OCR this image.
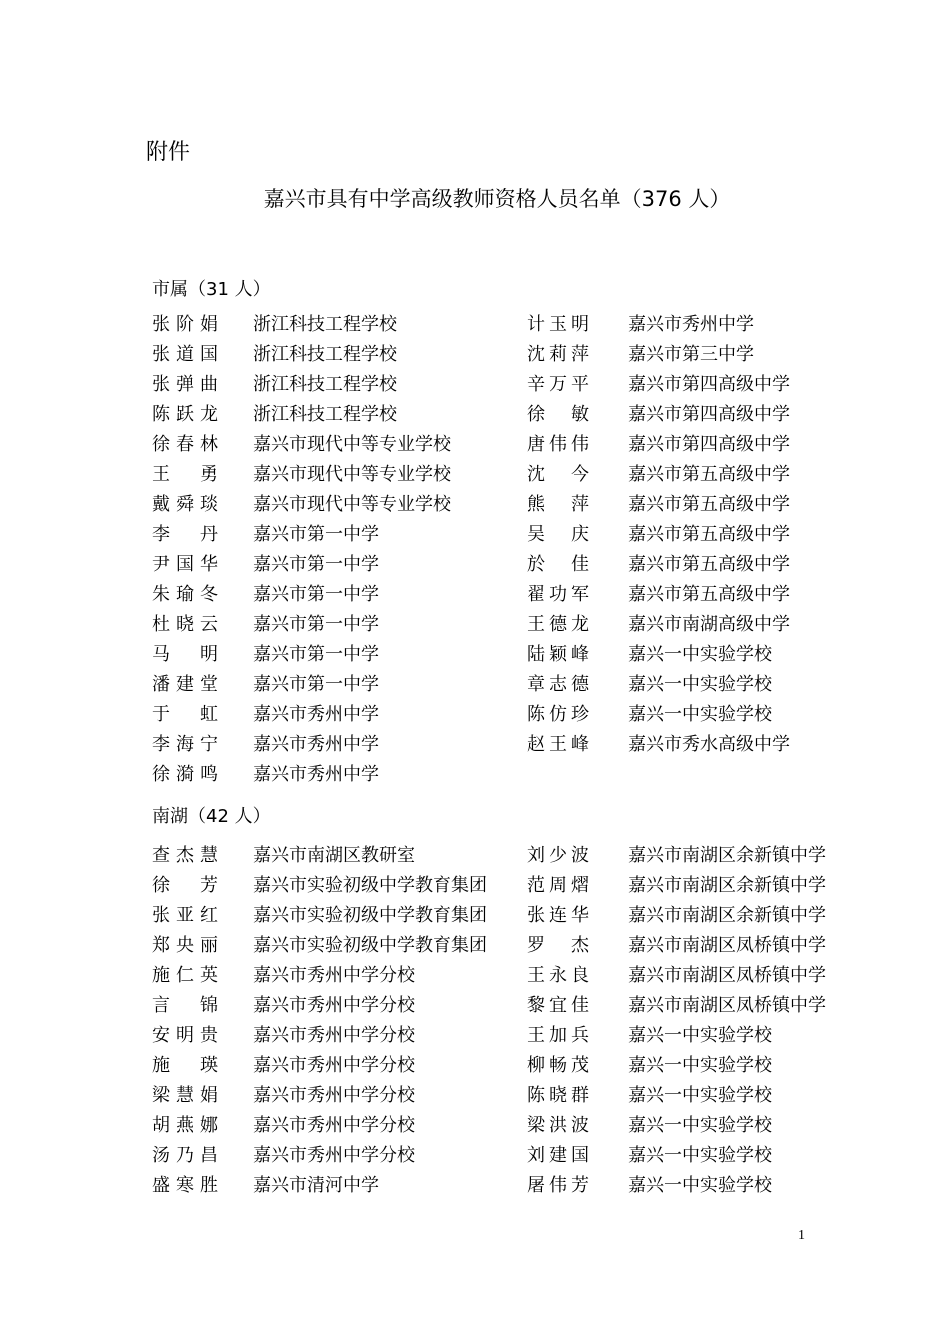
附件
嘉兴市具有中学高级教师资格人员名单（376 人）
市属（31 人）
张阶娟 浙江科技工程学校	计玉明 嘉兴市秀州中学
张道国 浙江科技工程学校	沈莉萍 嘉兴市第三中学
张弹曲 浙江科技工程学校	辛万平 嘉兴市第四高级中学
陈跃龙 浙江科技工程学校	徐　敏 嘉兴市第四高级中学
徐春林 嘉兴市现代中等专业学校	唐伟伟 嘉兴市第四高级中学
王　勇 嘉兴市现代中等专业学校	沈　今 嘉兴市第五高级中学
戴舜琰 嘉兴市现代中等专业学校	熊　萍 嘉兴市第五高级中学
李　丹 嘉兴市第一中学	吴　庆 嘉兴市第五高级中学
尹国华 嘉兴市第一中学	於　佳 嘉兴市第五高级中学
朱瑜冬 嘉兴市第一中学	翟功军 嘉兴市第五高级中学
杜晓云 嘉兴市第一中学	王德龙 嘉兴市南湖高级中学
马　明 嘉兴市第一中学	陆颖峰 嘉兴一中实验学校
潘建堂 嘉兴市第一中学	章志德 嘉兴一中实验学校
于　虹 嘉兴市秀州中学	陈仿珍 嘉兴一中实验学校
李海宁 嘉兴市秀州中学	赵王峰 嘉兴市秀水高级中学
徐漪鸣 嘉兴市秀州中学
南湖（42 人）
查杰慧 嘉兴市南湖区教研室	刘少波 嘉兴市南湖区余新镇中学
徐　芳 嘉兴市实验初级中学教育集团 范周熠 嘉兴市南湖区余新镇中学
张亚红 嘉兴市实验初级中学教育集团 张连华 嘉兴市南湖区余新镇中学
郑央丽 嘉兴市实验初级中学教育集团 罗　杰 嘉兴市南湖区凤桥镇中学
施仁英 嘉兴市秀州中学分校	王永良 嘉兴市南湖区凤桥镇中学
言　锦 嘉兴市秀州中学分校	黎宜佳 嘉兴市南湖区凤桥镇中学
安明贵 嘉兴市秀州中学分校	王加兵 嘉兴一中实验学校
施　瑛 嘉兴市秀州中学分校	柳畅茂 嘉兴一中实验学校
梁慧娟 嘉兴市秀州中学分校	陈晓群 嘉兴一中实验学校
胡燕娜 嘉兴市秀州中学分校	梁洪波 嘉兴一中实验学校
汤乃昌 嘉兴市秀州中学分校	刘建国 嘉兴一中实验学校
盛寒胜 嘉兴市清河中学	屠伟芳 嘉兴一中实验学校
1
